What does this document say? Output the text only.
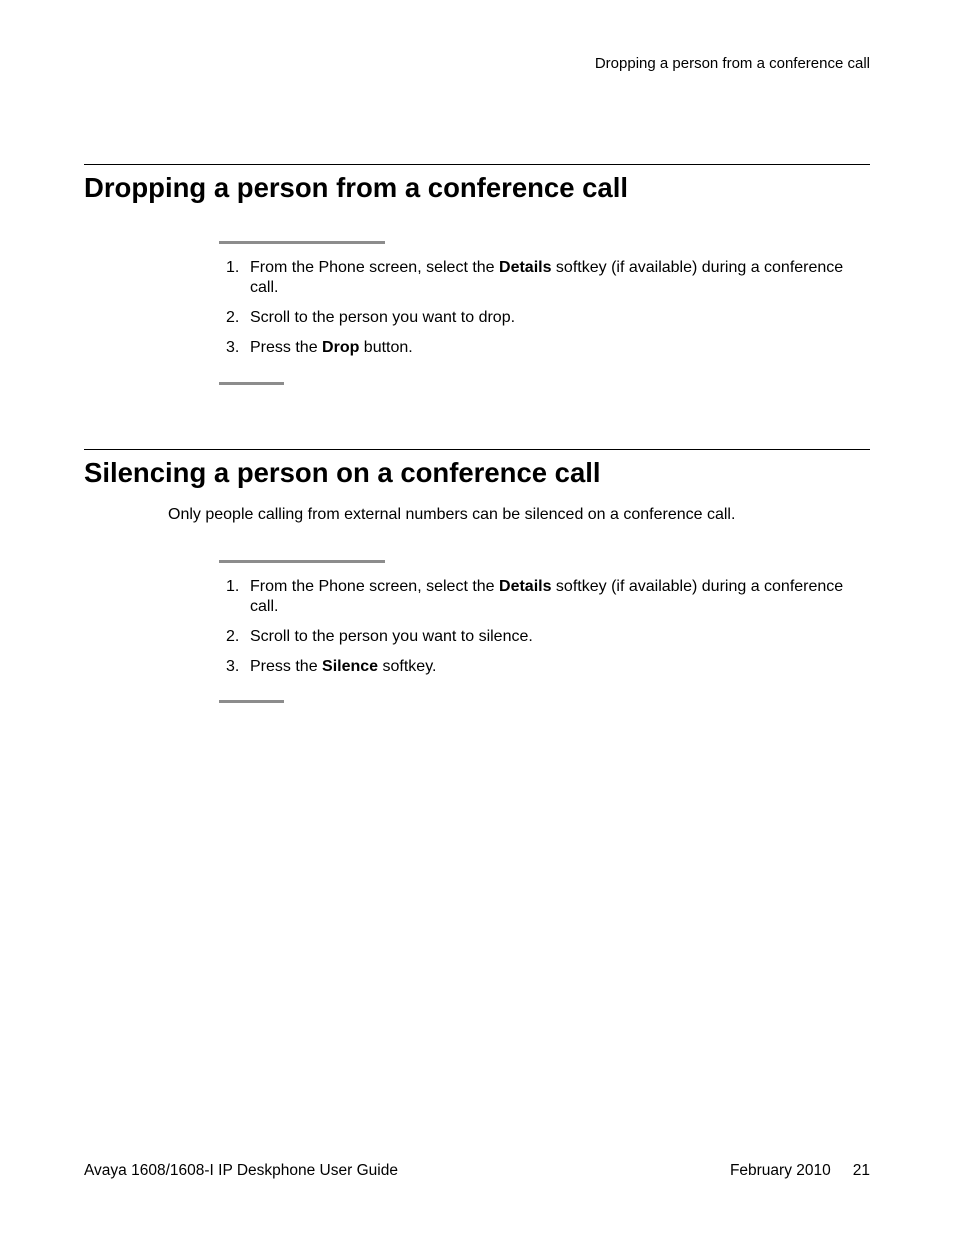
Dropping a person from a conference call
Dropping a person from a conference call
1. From the Phone screen, select the Details softkey (if available) during a conference call.
2. Scroll to the person you want to drop.
3. Press the Drop button.
Silencing a person on a conference call

Only people calling from external numbers can be silenced on a conference call.

1. From the Phone screen, select the Details softkey (if available) during a conference call.
2. Scroll to the person you want to silence.
3. Press the Silence softkey.
Avaya 1608/1608-I IP Deskphone User Guide	February 2010 21
